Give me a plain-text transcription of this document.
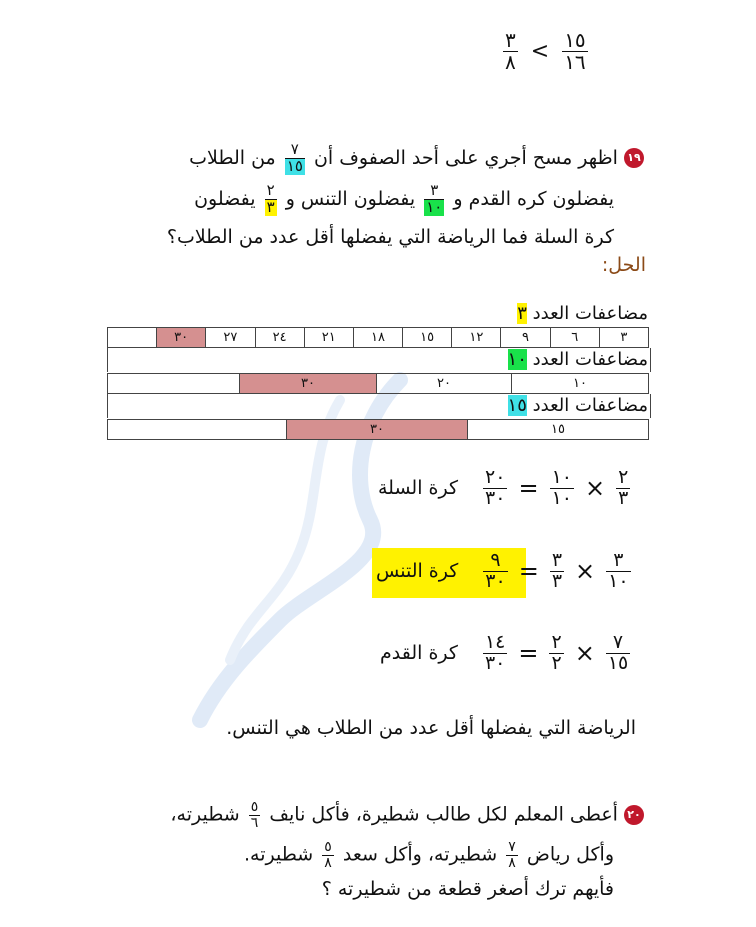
$\frac{٣}{٨} < \frac{١٥}{١٦}$
١٩ اظهر مسح أجري على أحد الصفوف أن
$\frac{٧}{١٥}$
من الطلاب
يفضلون كره القدم و
$\frac{٣}{١٠}$
يفضلون التنس و
$\frac{٢}{٣}$
يفضلون
كرة السلة فما الرياضة التي يفضلها أقل عدد من الطلاب؟
الحل:
مضاعفات العدد ٣
٣	٦	٩	١٢	١٥	١٨	٢١	٢٤	٢٧	٣٠	
مضاعفات العدد ١٠
١٠	٢٠	٣٠	
مضاعفات العدد ١٥
١٥	٣٠	
كرة السلة $\frac{٢٠}{٣٠} = \frac{١٠}{١٠} \times \frac{٢}{٣}$
كرة التنس $\frac{٩}{٣٠} = \frac{٣}{٣} \times \frac{٣}{١٠}$
كرة القدم $\frac{١٤}{٣٠} = \frac{٢}{٢} \times \frac{٧}{١٥}$
الرياضة التي يفضلها أقل عدد من الطلاب هي التنس.
٢٠ أعطى المعلم لكل طالب شطيرة، فأكل نايف
$\frac{٥}{٦}$
شطيرته،
وأكل رياض
$\frac{٧}{٨}$
شطيرته، وأكل سعد
$\frac{٥}{٨}$
شطيرته.
فأيهم ترك أصغر قطعة من شطيرته ؟
